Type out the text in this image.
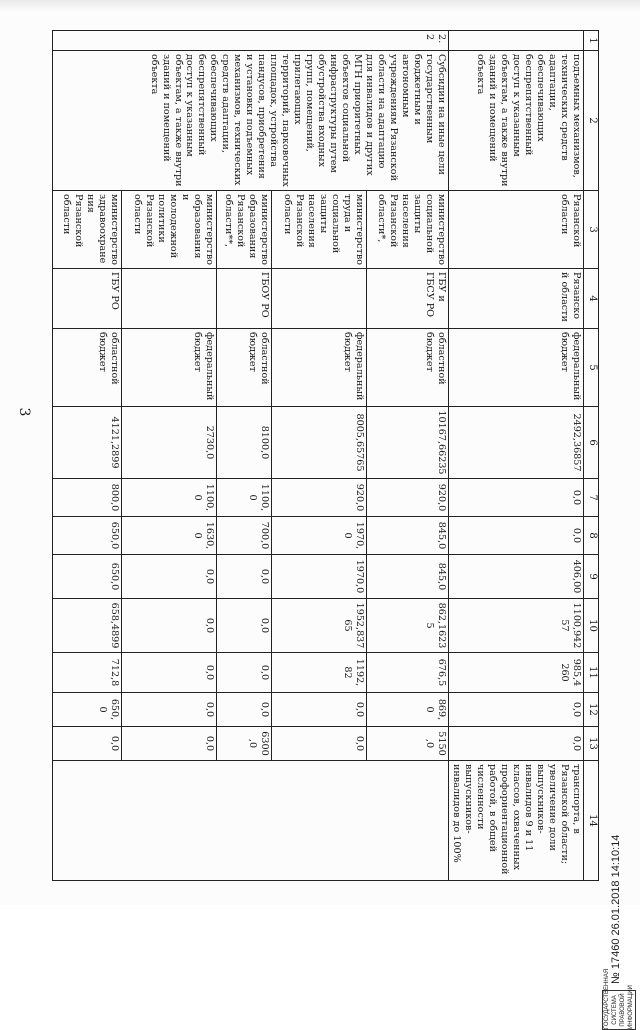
3
1	2	3	4	5	6	7	8	9	10	11	12	13	14
	подъемных механизмов, технических средств адаптации, обеспечивающих беспрепятственный доступ к указанным объектам, а также внутри зданий и помещений объекта	Рязанской области	Рязанской области	федеральный бюджет	2492,36857	0,0	0,0	406,00	1100,94257	985,4260	0,0	0,0	транспорта, в Рязанской области; увеличение доли выпускников-инвалидов 9 и 11 классов, охваченных профориентационной работой, в общей численности выпускников-инвалидов до 100%
2.2	Субсидии на иные цели государственным бюджетным и автономным учреждениям Рязанской области на адаптацию для инвалидов и других МГН приоритетных объектов социальной инфраструктуры путем обустройства входных групп, помещений, прилегающих территорий, парковочных площадок, устройства пандусов, приобретения и установки подъемных механизмов, технических средств адаптации, обеспечивающих беспрепятственный доступ к указанным объектам, а также внутри зданий и помещений объекта	министерство социальной защиты населения Рязанской области*,	ГБУ и ГБСУ РО	областной бюджет	10167,66235	920,0	845,0	845,0	862,16235	676,5	869,0	5150,0	
		министерство труда и социальной защиты населения Рязанской области		федеральный бюджет	8005,65765	920,0	1970,0	1970,0	1952,83765	1192,82	0,0	0,0	
		министерство образования Рязанской области**,	ГБОУ РО	областной бюджет	8100,0	1100,0	700,0	0,0	0,0	0,0	0,0	6300,0	
		министерство образования и молодежной политики Рязанской области		федеральный бюджет	2730,0	1100,0	1630,0	0,0	0,0	0,0	0,0	0,0	
		министерство здравоохранения Рязанской области	ГБУ РО	областной бюджет	4121,2899	800,0	650,0	650,0	658,4899	712,8	650,0	0,0	
ГОСУДАРСТВЕННАЯ СИСТЕМА ПРАВОВОЙ ИНФОРМАЦИИ
№ 17460 26.01.2018 14:10:14
